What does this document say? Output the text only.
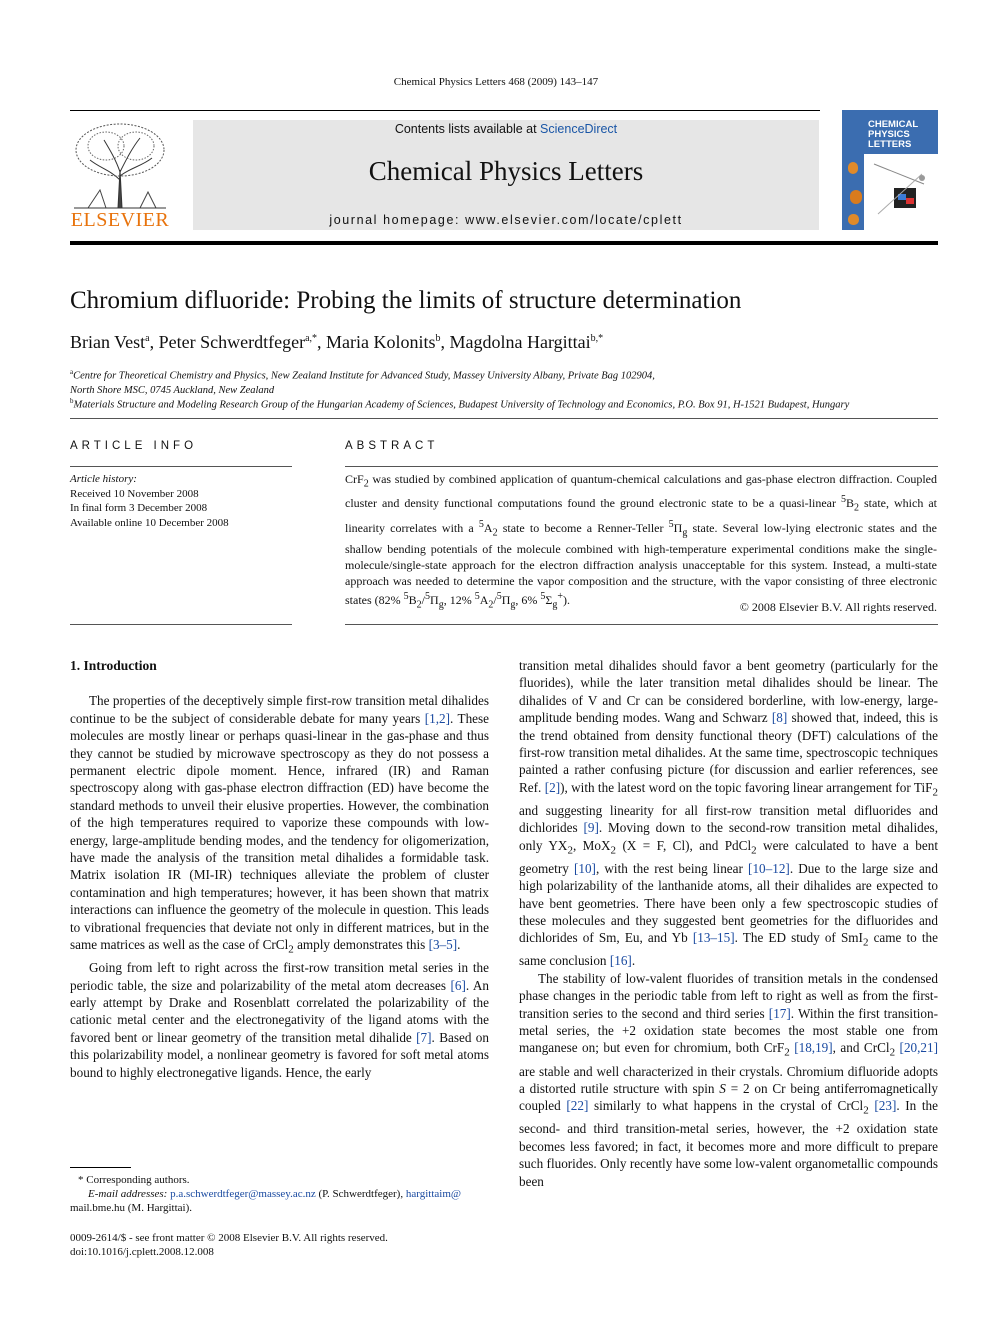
Chemical Physics Letters 468 (2009) 143–147
ELSEVIER
Contents lists available at ScienceDirect
Chemical Physics Letters
journal homepage: www.elsevier.com/locate/cplett
CHEMICAL PHYSICS LETTERS
Chromium difluoride: Probing the limits of structure determination
Brian Vest$^a$, Peter Schwerdtfeger$^{a,*}$, Maria Kolonits$^b$, Magdolna Hargittai$^{b,*}$
$^a$Centre for Theoretical Chemistry and Physics, New Zealand Institute for Advanced Study, Massey University Albany, Private Bag 102904,
North Shore MSC, 0745 Auckland, New Zealand
$^b$Materials Structure and Modeling Research Group of the Hungarian Academy of Sciences, Budapest University of Technology and Economics, P.O. Box 91, H-1521 Budapest, Hungary
ARTICLE INFO
Article history:
Received 10 November 2008
In final form 3 December 2008
Available online 10 December 2008
ABSTRACT
CrF$_2$ was studied by combined application of quantum-chemical calculations and gas-phase electron diffraction. Coupled cluster and density functional computations found the ground electronic state to be a quasi-linear $^5B_2$ state, which at linearity correlates with a $^5A_2$ state to become a Renner-Teller $^5\Pi_g$ state. Several low-lying electronic states and the shallow bending potentials of the molecule combined with high-temperature experimental conditions make the single-molecule/single-state approach for the electron diffraction analysis unacceptable for this system. Instead, a multi-state approach was needed to determine the vapor composition and the structure, with the vapor consisting of three electronic states (82% $^5B_2/^5\Pi_g$, 12% $^5A_2/^5\Pi_g$, 6% $^5\Sigma_g^+$).	© 2008 Elsevier B.V. All rights reserved.
1. Introduction

The properties of the deceptively simple first-row transition metal dihalides continue to be the subject of considerable debate for many years [1,2]. These molecules are mostly linear or perhaps quasi-linear in the gas-phase and thus they cannot be studied by microwave spectroscopy as they do not possess a permanent electric dipole moment. Hence, infrared (IR) and Raman spectroscopy along with gas-phase electron diffraction (ED) have become the standard methods to unveil their elusive properties. However, the combination of the high temperatures required to vaporize these compounds with low-energy, large-amplitude bending modes, and the tendency for oligomerization, have made the analysis of the transition metal dihalides a formidable task. Matrix isolation IR (MI-IR) techniques alleviate the problem of cluster contamination and high temperatures; however, it has been shown that matrix interactions can influence the geometry of the molecule in question. This leads to vibrational frequencies that deviate not only in different matrices, but in the same matrices as well as the case of CrCl$_2$ amply demonstrates this [3–5].

Going from left to right across the first-row transition metal series in the periodic table, the size and polarizability of the metal atom decreases [6]. An early attempt by Drake and Rosenblatt correlated the polarizability of the cationic metal center and the electronegativity of the ligand atoms with the favored bent or linear geometry of the transition metal dihalide [7]. Based on this polarizability model, a nonlinear geometry is favored for soft metal atoms bound to highly electronegative ligands. Hence, the early

transition metal dihalides should favor a bent geometry (particularly for the fluorides), while the later transition metal dihalides should be linear. The dihalides of V and Cr can be considered borderline, with low-energy, large-amplitude bending modes. Wang and Schwarz [8] showed that, indeed, this is the trend obtained from density functional theory (DFT) calculations of the first-row transition metal dihalides. At the same time, spectroscopic techniques painted a rather confusing picture (for discussion and earlier references, see Ref. [2]), with the latest word on the topic favoring linear arrangement for TiF$_2$ and suggesting linearity for all first-row transition metal difluorides and dichlorides [9]. Moving down to the second-row transition metal dihalides, only $YX_2$, MoX$_2$ (X = F, Cl), and PdCl$_2$ were calculated to have a bent geometry [10], with the rest being linear [10–12]. Due to the large size and high polarizability of the lanthanide atoms, all their dihalides are expected to have bent geometries. There have been only a few spectroscopic studies of these molecules and they suggested bent geometries for the difluorides and dichlorides of Sm, Eu, and Yb [13–15]. The ED study of SmI$_2$ came to the same conclusion [16].

The stability of low-valent fluorides of transition metals in the condensed phase changes in the periodic table from left to right as well as from the first-transition series to the second and third series [17]. Within the first transition-metal series, the +2 oxidation state becomes the most stable one from manganese on; but even for chromium, both CrF$_2$ [18,19], and CrCl$_2$ [20,21] are stable and well characterized in their crystals. Chromium difluoride adopts a distorted rutile structure with spin S = 2 on Cr being antiferromagnetically coupled [22] similarly to what happens in the crystal of CrCl$_2$ [23]. In the second- and third transition-metal series, however, the +2 oxidation state becomes less favored; in fact, it becomes more and more difficult to prepare such fluorides. Only recently have some low-valent organometallic compounds been

* Corresponding authors.
E-mail addresses: p.a.schwerdtfeger@massey.ac.nz (P. Schwerdtfeger), hargittaim@
mail.bme.hu (M. Hargittai).
0009-2614/$ - see front matter © 2008 Elsevier B.V. All rights reserved.
doi:10.1016/j.cplett.2008.12.008
